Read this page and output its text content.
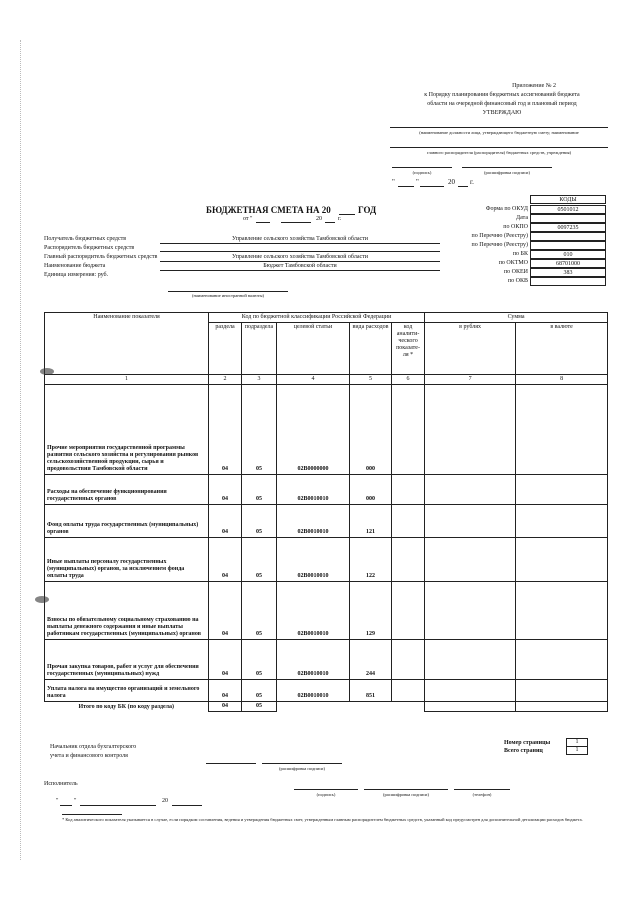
Приложение № 2
к Порядку планирования бюджетных ассигнований бюджета
области на очередной финансовый год и плановый период
УТВЕРЖДАЮ
(наименование должности лица, утверждающего бюджетную смету; наименование
главного распорядителя (распорядителя) бюджетных средств, учреждения)
(подпись)	(расшифровка подписи)
"	"	20 г.
КОДЫ
Форма по ОКУД	0501012
Дата
по ОКПО	0097235
по Перечню (Реестру)
по Перечню (Реестру)
по БК	010
по ОКТМО	68701000
по ОКЕИ	383
по ОКВ
БЮДЖЕТНАЯ СМЕТА НА 20	ГОД
от "	20	г.
Получатель бюджетных средств	Управление сельского хозяйства Тамбовской области
Распорядитель бюджетных средств
Главный распорядитель бюджетных средств	Управление сельского хозяйства Тамбовской области
Наименование бюджета	Бюджет Тамбовской области
Единица измерения: руб.
(наименование иностранной валюты)
Наименование показателя	Код по бюджетной классификации Российской Федерации					Сумма	
	раздела	подраздела	целевой статьи	вида расходов	код аналити-ческого показате-ля *	в рублях	в валюте
1	2	3	4	5	6	7	8
Прочие мероприятия государственной программы развития сельского хозяйства и регулирования рынков сельскохозяйственной продукции, сырья и продовольствия Тамбовской области	04	05	02В0000000	000			
Расходы на обеспечение функционирования государственных органов	04	05	02В0010010	000			
Фонд оплаты труда государственных (муниципальных) органов	04	05	02В0010010	121			
Иные выплаты персоналу государственных (муниципальных) органов, за исключением фонда оплаты труда	04	05	02В0010010	122			
Взносы по обязательному социальному страхованию на выплаты денежного содержания и иные выплаты работникам государственных (муниципальных) органов	04	05	02В0010010	129			
Прочая закупка товаров, работ и услуг для обеспечения государственных (муниципальных) нужд	04	05	02В0010010	244			
Уплата налога на имущество организаций и земельного налога	04	05	02В0010010	851			
Итого по коду БК (по коду раздела)	04	05					
Начальник отдела бухгалтерского
учета и финансового контроля
(расшифровка подписи)
Номер страницы
Всего страниц
1
1
Исполнитель
(подпись)	(расшифровка подписи)	(телефон)
"	"	20
* Код аналитического показателя указывается в случае, если порядком составления, ведения и утверждения бюджетных смет, утвержденным главным распорядителем бюджетных средств, указанный код предусмотрен для дополнительной детализации расходов бюджета.
